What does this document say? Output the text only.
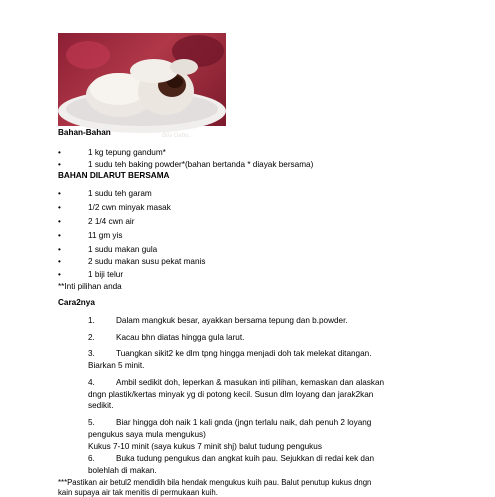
Bila Gebu...
Bahan-Bahan
•	1 kg tepung gandum*
•	1 sudu teh baking powder*(bahan bertanda * diayak bersama)
BAHAN DILARUT BERSAMA
•	1 sudu teh garam
•	1/2 cwn minyak masak
•	2 1/4 cwn air
•	11 gm yis
•	1 sudu makan gula
•	2 sudu makan susu pekat manis
•	1 biji telur
**Inti pilihan anda
Cara2nya
1.	Dalam mangkuk besar, ayakkan bersama tepung dan b.powder.
2.	Kacau bhn diatas hingga gula larut.
3.	Tuangkan sikit2 ke dlm tpng hingga menjadi doh tak melekat ditangan.
Biarkan 5 minit.
4.	Ambil sedikit doh, leperkan & masukan inti pilihan, kemaskan dan alaskan
dngn plastik/kertas minyak yg di potong kecil. Susun dlm loyang dan jarak2kan
sedikit.
5.	Biar hingga doh naik 1 kali gnda (jngn terlalu naik, dah penuh 2 loyang
pengukus saya mula mengukus)
Kukus 7-10 minit (saya kukus 7 minit shj) balut tudung pengukus
6.	Buka tudung pengukus dan angkat kuih pau. Sejukkan di redai kek dan
bolehlah di makan.
***Pastikan air betul2 mendidih bila hendak mengukus kuih pau. Balut penutup kukus dngn
kain supaya air tak menitis di permukaan kuih.
